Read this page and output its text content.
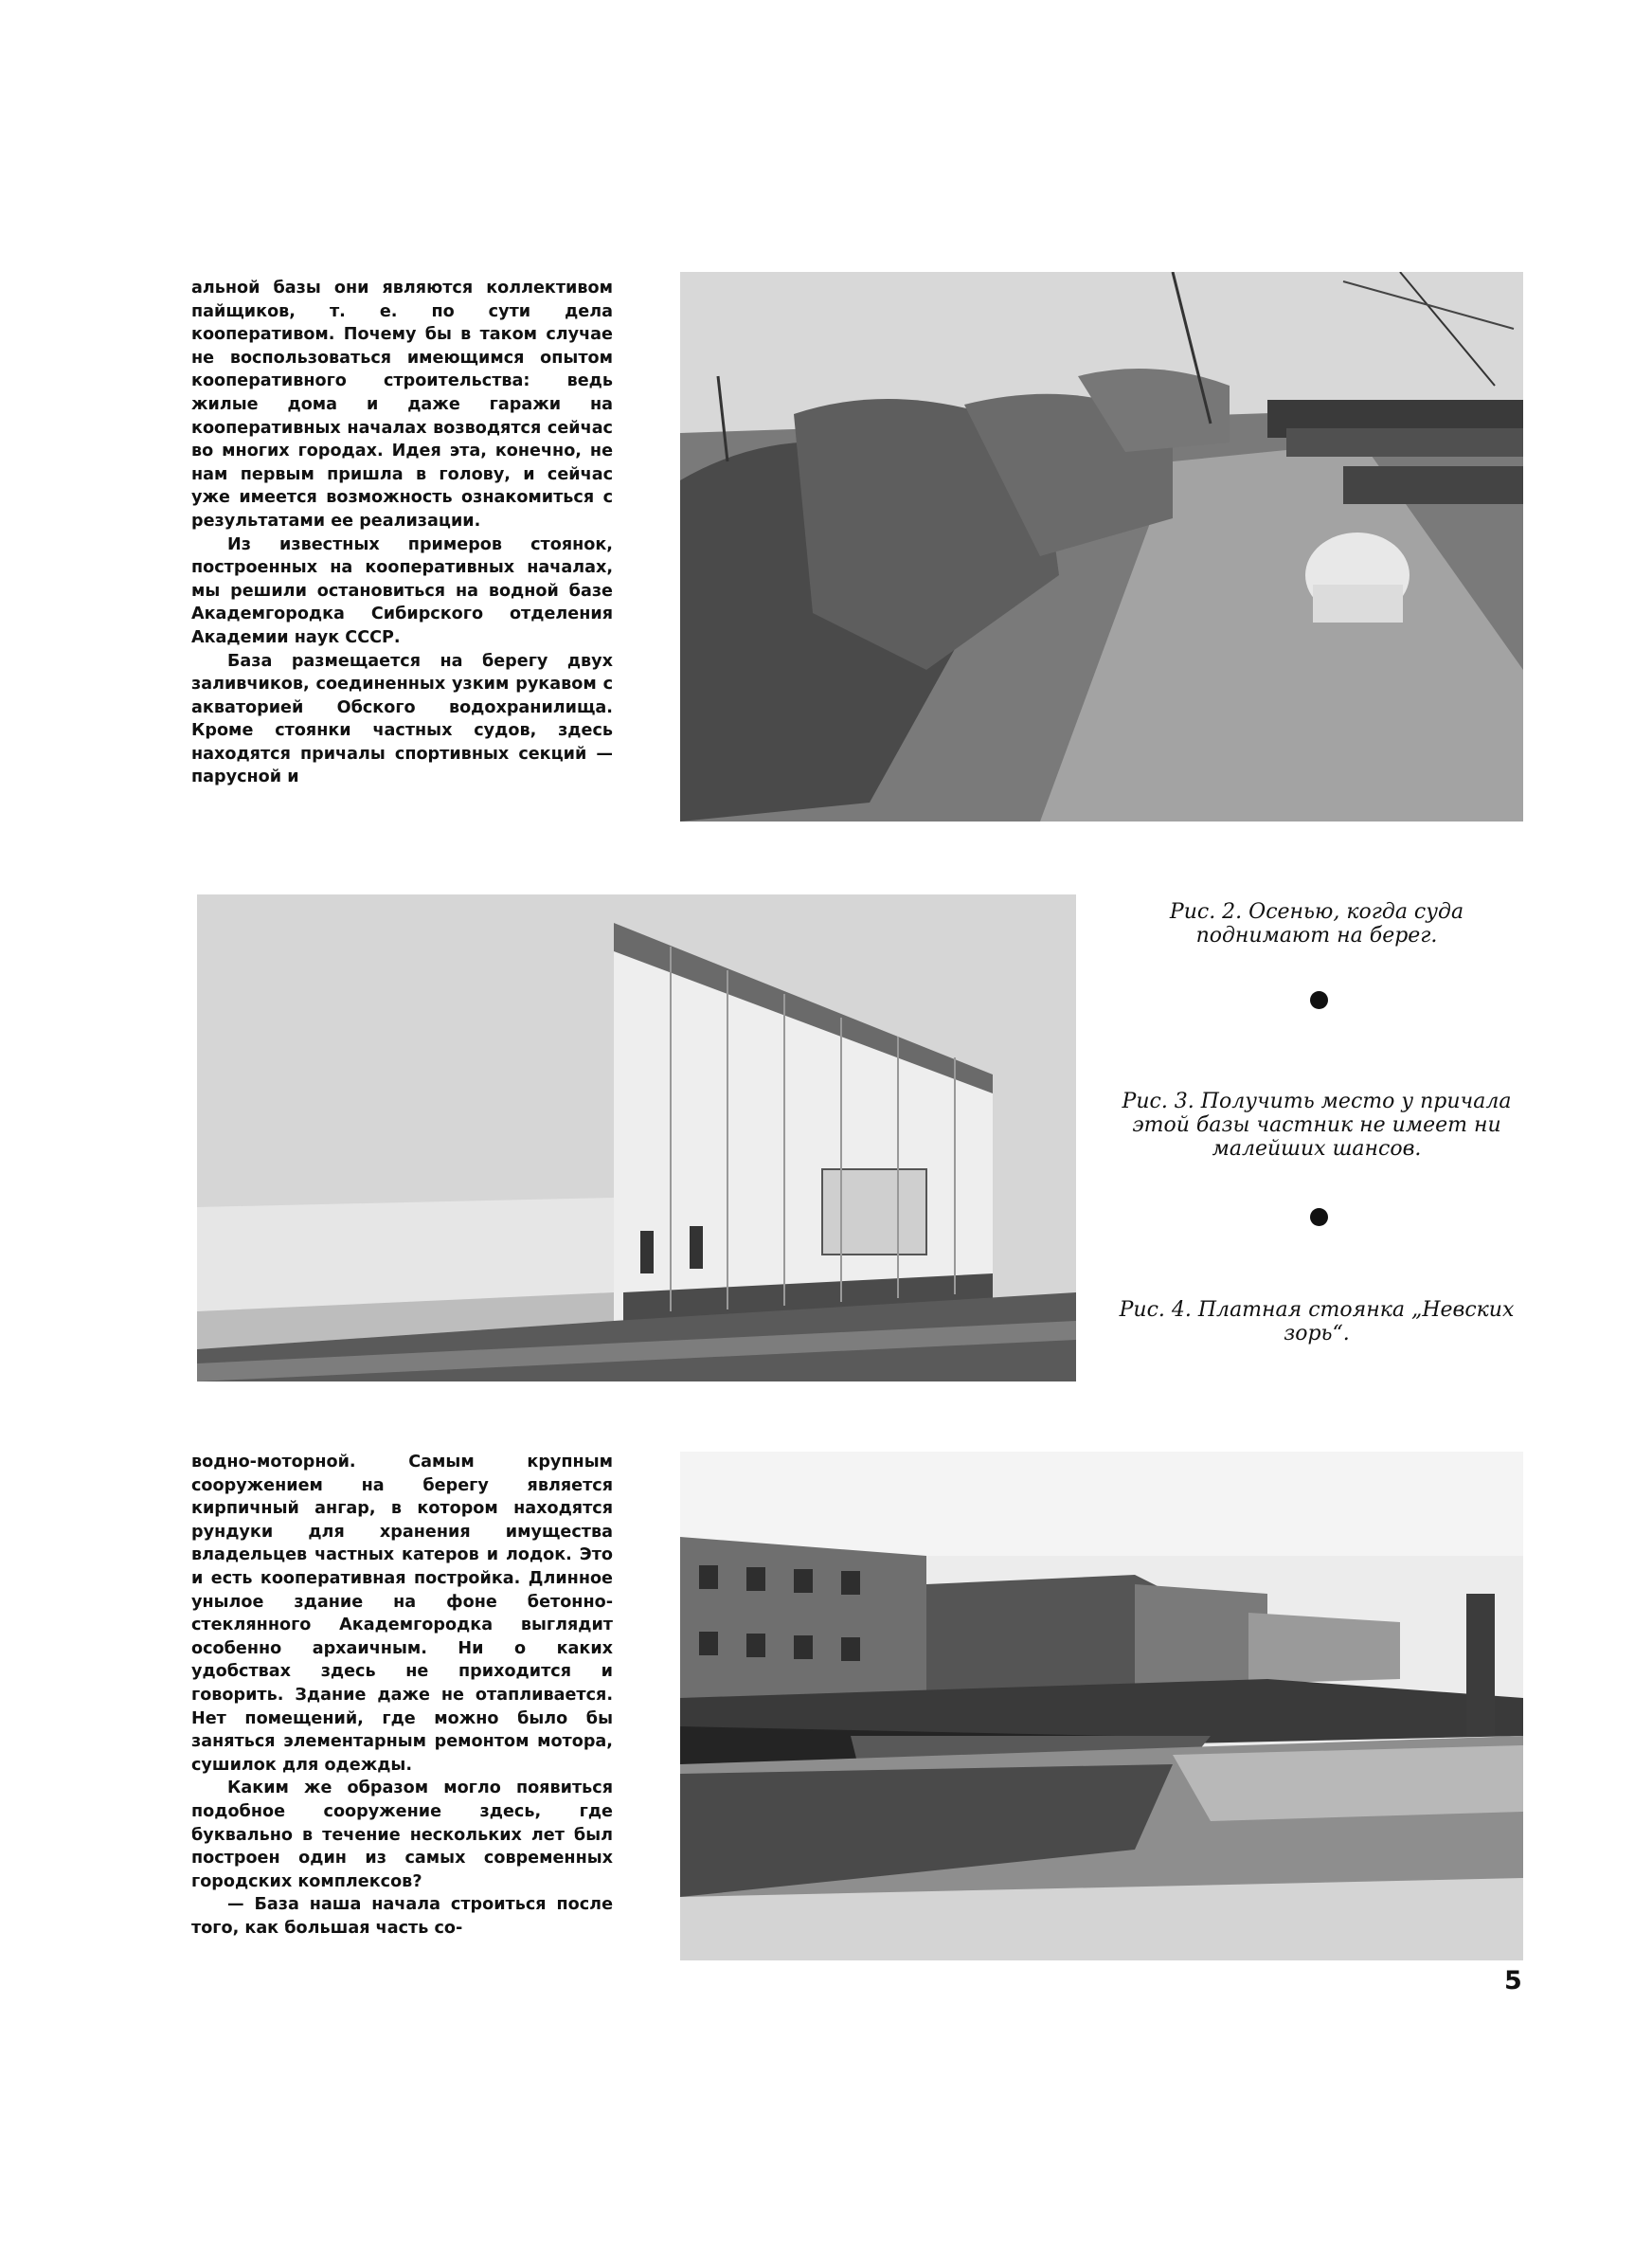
альной базы они являются коллективом пайщиков, т. е. по сути дела кооперативом. Почему бы в таком случае не воспользоваться имеющимся опытом кооперативного строительства: ведь жилые дома и даже гаражи на кооперативных началах возводятся сейчас во многих городах. Идея эта, конечно, не нам первым пришла в голову, и сейчас уже имеется возможность ознакомиться с результатами ее реализации.

Из известных примеров стоянок, построенных на кооперативных началах, мы решили остановиться на водной базе Академгородка Сибирского отделения Академии наук СССР.

База размещается на берегу двух заливчиков, соединенных узким рукавом с акваторией Обского водохранилища. Кроме стоянки частных судов, здесь находятся причалы спортивных секций — парусной и

Рис. 2. Осенью, когда суда поднимают на берег.
Рис. 3. Получить место у причала этой базы частник не имеет ни малейших шансов.
Рис. 4. Платная стоянка „Невских зорь“.

водно-моторной. Самым крупным сооружением на берегу является кирпичный ангар, в котором находятся рундуки для хранения имущества владельцев частных катеров и лодок. Это и есть кооперативная постройка. Длинное унылое здание на фоне бетонно-стеклянного Академгородка выглядит особенно архаичным. Ни о каких удобствах здесь не приходится и говорить. Здание даже не отапливается. Нет помещений, где можно было бы заняться элементарным ремонтом мотора, сушилок для одежды.

Каким же образом могло появиться подобное сооружение здесь, где буквально в течение нескольких лет был построен один из самых современных городских комплексов?

— База наша начала строиться после того, как большая часть со-

5
